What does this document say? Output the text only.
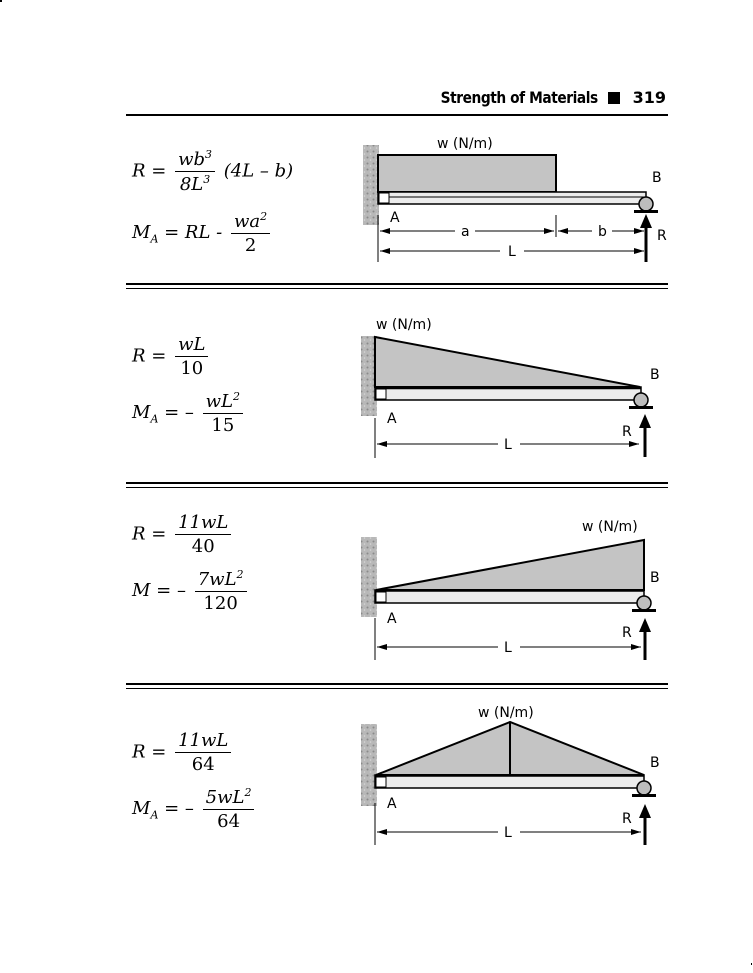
Strength of Materials 319
$R = \frac{wb^3}{8L^3} (4L - b)$
$M_A$ = RL - $\frac{wa^2}{2}$
w (N/m)
A
B
R
a	b
L
$R = \frac{wL}{10}$
$M_A$ = – $\frac{wL^2}{15}$
w (N/m)
A
B
R
L
$R = \frac{11wL}{40}$
M = – $\frac{7wL^2}{120}$
w (N/m)
A
B
R
L
$R = \frac{11wL}{64}$
$M_A$ = – $\frac{5wL^2}{64}$
w (N/m)
A
B
R
L
